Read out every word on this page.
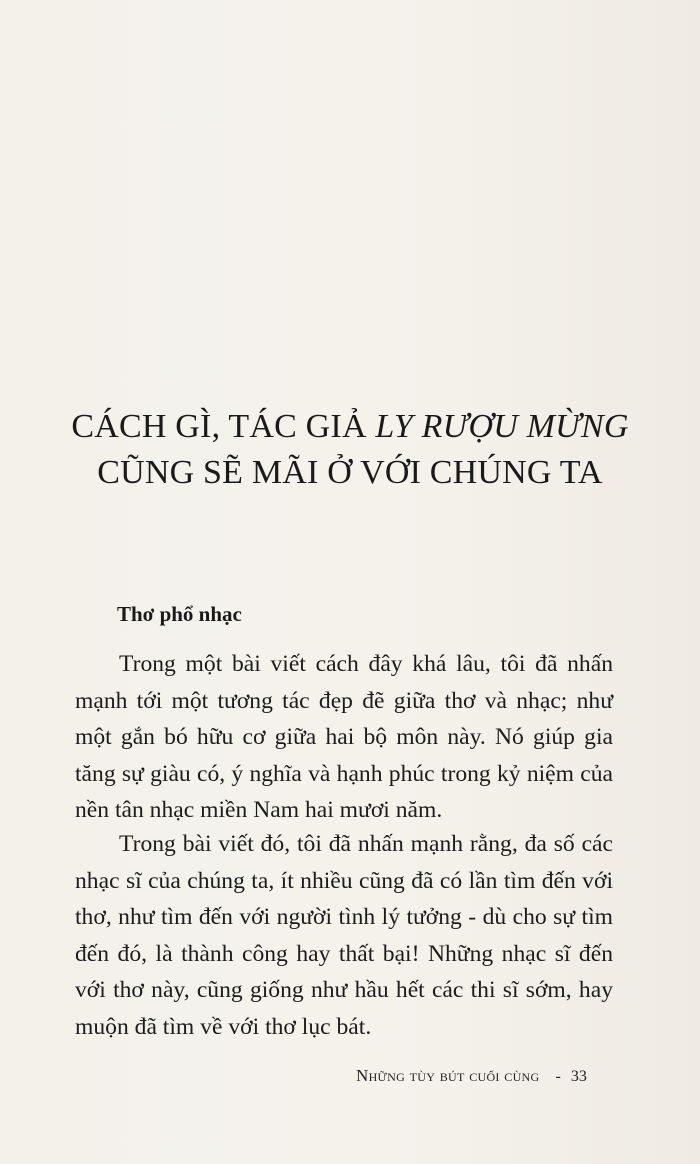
CÁCH GÌ, TÁC GIẢ LY RƯỢU MỪNG
CŨNG SẼ MÃI Ở VỚI CHÚNG TA
Thơ phổ nhạc

Trong một bài viết cách đây khá lâu, tôi đã nhấn mạnh tới một tương tác đẹp đẽ giữa thơ và nhạc; như một gắn bó hữu cơ giữa hai bộ môn này. Nó giúp gia tăng sự giàu có, ý nghĩa và hạnh phúc trong kỷ niệm của nền tân nhạc miền Nam hai mươi năm.

Trong bài viết đó, tôi đã nhấn mạnh rằng, đa số các nhạc sĩ của chúng ta, ít nhiều cũng đã có lần tìm đến với thơ, như tìm đến với người tình lý tưởng - dù cho sự tìm đến đó, là thành công hay thất bại! Những nhạc sĩ đến với thơ này, cũng giống như hầu hết các thi sĩ sớm, hay muộn đã tìm về với thơ lục bát.

Những tùy bút cuối cùng - 33
